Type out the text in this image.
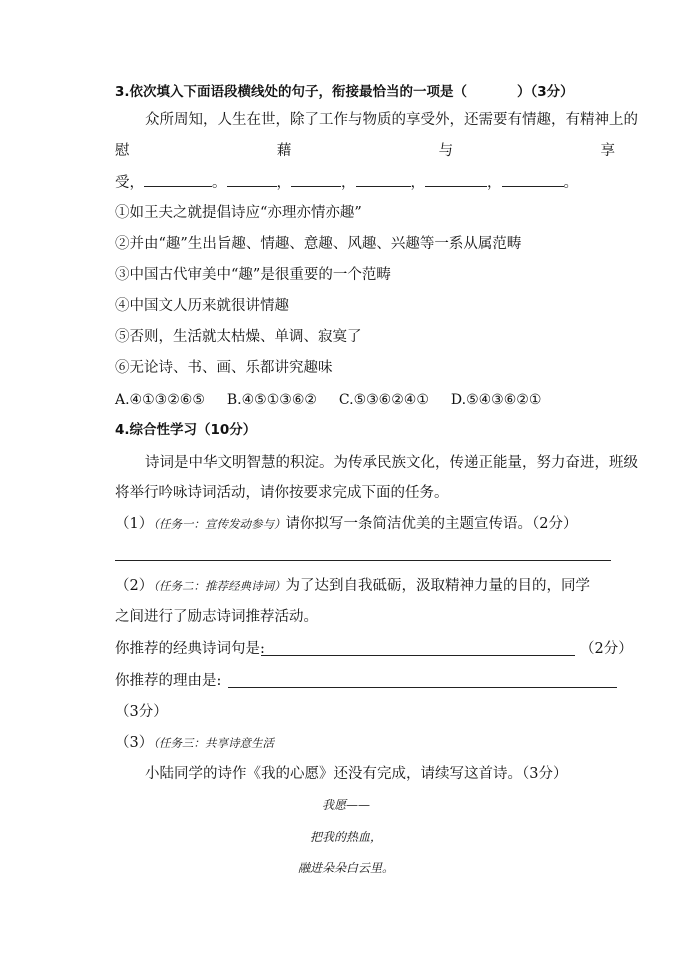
3.依次填入下面语段横线处的句子，衔接最恰当的一项是（	）（3分）
众所周知，人生在世，除了工作与物质的享受外，还需要有情趣，有精神上的
慰	藉	与	享
受，	。	，	，	，	，	。
①如王夫之就提倡诗应“亦理亦情亦趣”
②并由“趣”生出旨趣、情趣、意趣、风趣、兴趣等一系从属范畴
③中国古代审美中“趣”是很重要的一个范畴
④中国文人历来就很讲情趣
⑤否则，生活就太枯燥、单调、寂寞了
⑥无论诗、书、画、乐都讲究趣味
A.④①③②⑥⑤ B.④⑤①③⑥② C.⑤③⑥②④① D.⑤④③⑥②①
4.综合性学习（10分）
诗词是中华文明智慧的积淀。为传承民族文化，传递正能量，努力奋进，班级
将举行吟咏诗词活动，请你按要求完成下面的任务。
（1）（任务一：宣传发动参与）请你拟写一条简洁优美的主题宣传语。（2分）
（2）（任务二：推荐经典诗词）为了达到自我砥砺，汲取精神力量的目的，同学
之间进行了励志诗词推荐活动。
你推荐的经典诗词句是:	（2分）
你推荐的理由是:
（3分）
（3）（任务三：共享诗意生活
小陆同学的诗作《我的心愿》还没有完成，请续写这首诗。（3分）
我愿——
把我的热血，
融进朵朵白云里。
